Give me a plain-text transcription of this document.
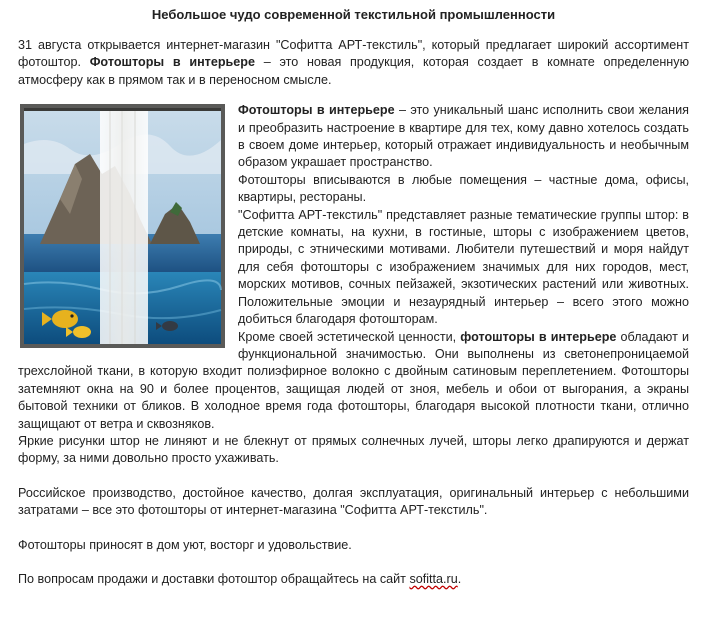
Небольшое чудо современной текстильной промышленности

31 августа открывается интернет-магазин "Софитта АРТ-текстиль", который предлагает широкий ассортимент фотоштор. Фотошторы в интерьере – это новая продукция, которая создает в комнате определенную атмосферу как в прямом так и в переносном смысле.

Фотошторы в интерьере – это уникальный шанс исполнить свои желания и преобразить настроение в квартире для тех, кому давно хотелось создать в своем доме интерьер, который отражает индивидуальность и необычным образом украшает пространство.

Фотошторы вписываются в любые помещения – частные дома, офисы, квартиры, рестораны.

"Софитта АРТ-текстиль" представляет разные тематические группы штор: в детские комнаты, на кухни, в гостиные, шторы с изображением цветов, природы, с этническими мотивами. Любители путешествий и моря найдут для себя фотошторы с изображением значимых для них городов, мест, морских мотивов, сочных пейзажей, экзотических растений или животных. Положительные эмоции и незаурядный интерьер – всего этого можно добиться благодаря фотошторам.

Кроме своей эстетической ценности, фотошторы в интерьере обладают и функциональной значимостью. Они выполнены из светонепроницаемой трехслойной ткани, в которую входит полиэфирное волокно с двойным сатиновым переплетением. Фотошторы затемняют окна на 90 и более процентов, защищая людей от зноя, мебель и обои от выгорания, а экраны бытовой техники от бликов. В холодное время года фотошторы, благодаря высокой плотности ткани, отлично защищают от ветра и сквозняков.

Яркие рисунки штор не линяют и не блекнут от прямых солнечных лучей, шторы легко драпируются и держат форму, за ними довольно просто ухаживать.

Российское производство, достойное качество, долгая эксплуатация, оригинальный интерьер с небольшими затратами – все это фотошторы от интернет-магазина "Софитта АРТ-текстиль".

Фотошторы приносят в дом уют, восторг и удовольствие.

По вопросам продажи и доставки фотоштор обращайтесь на сайт sofitta.ru.
